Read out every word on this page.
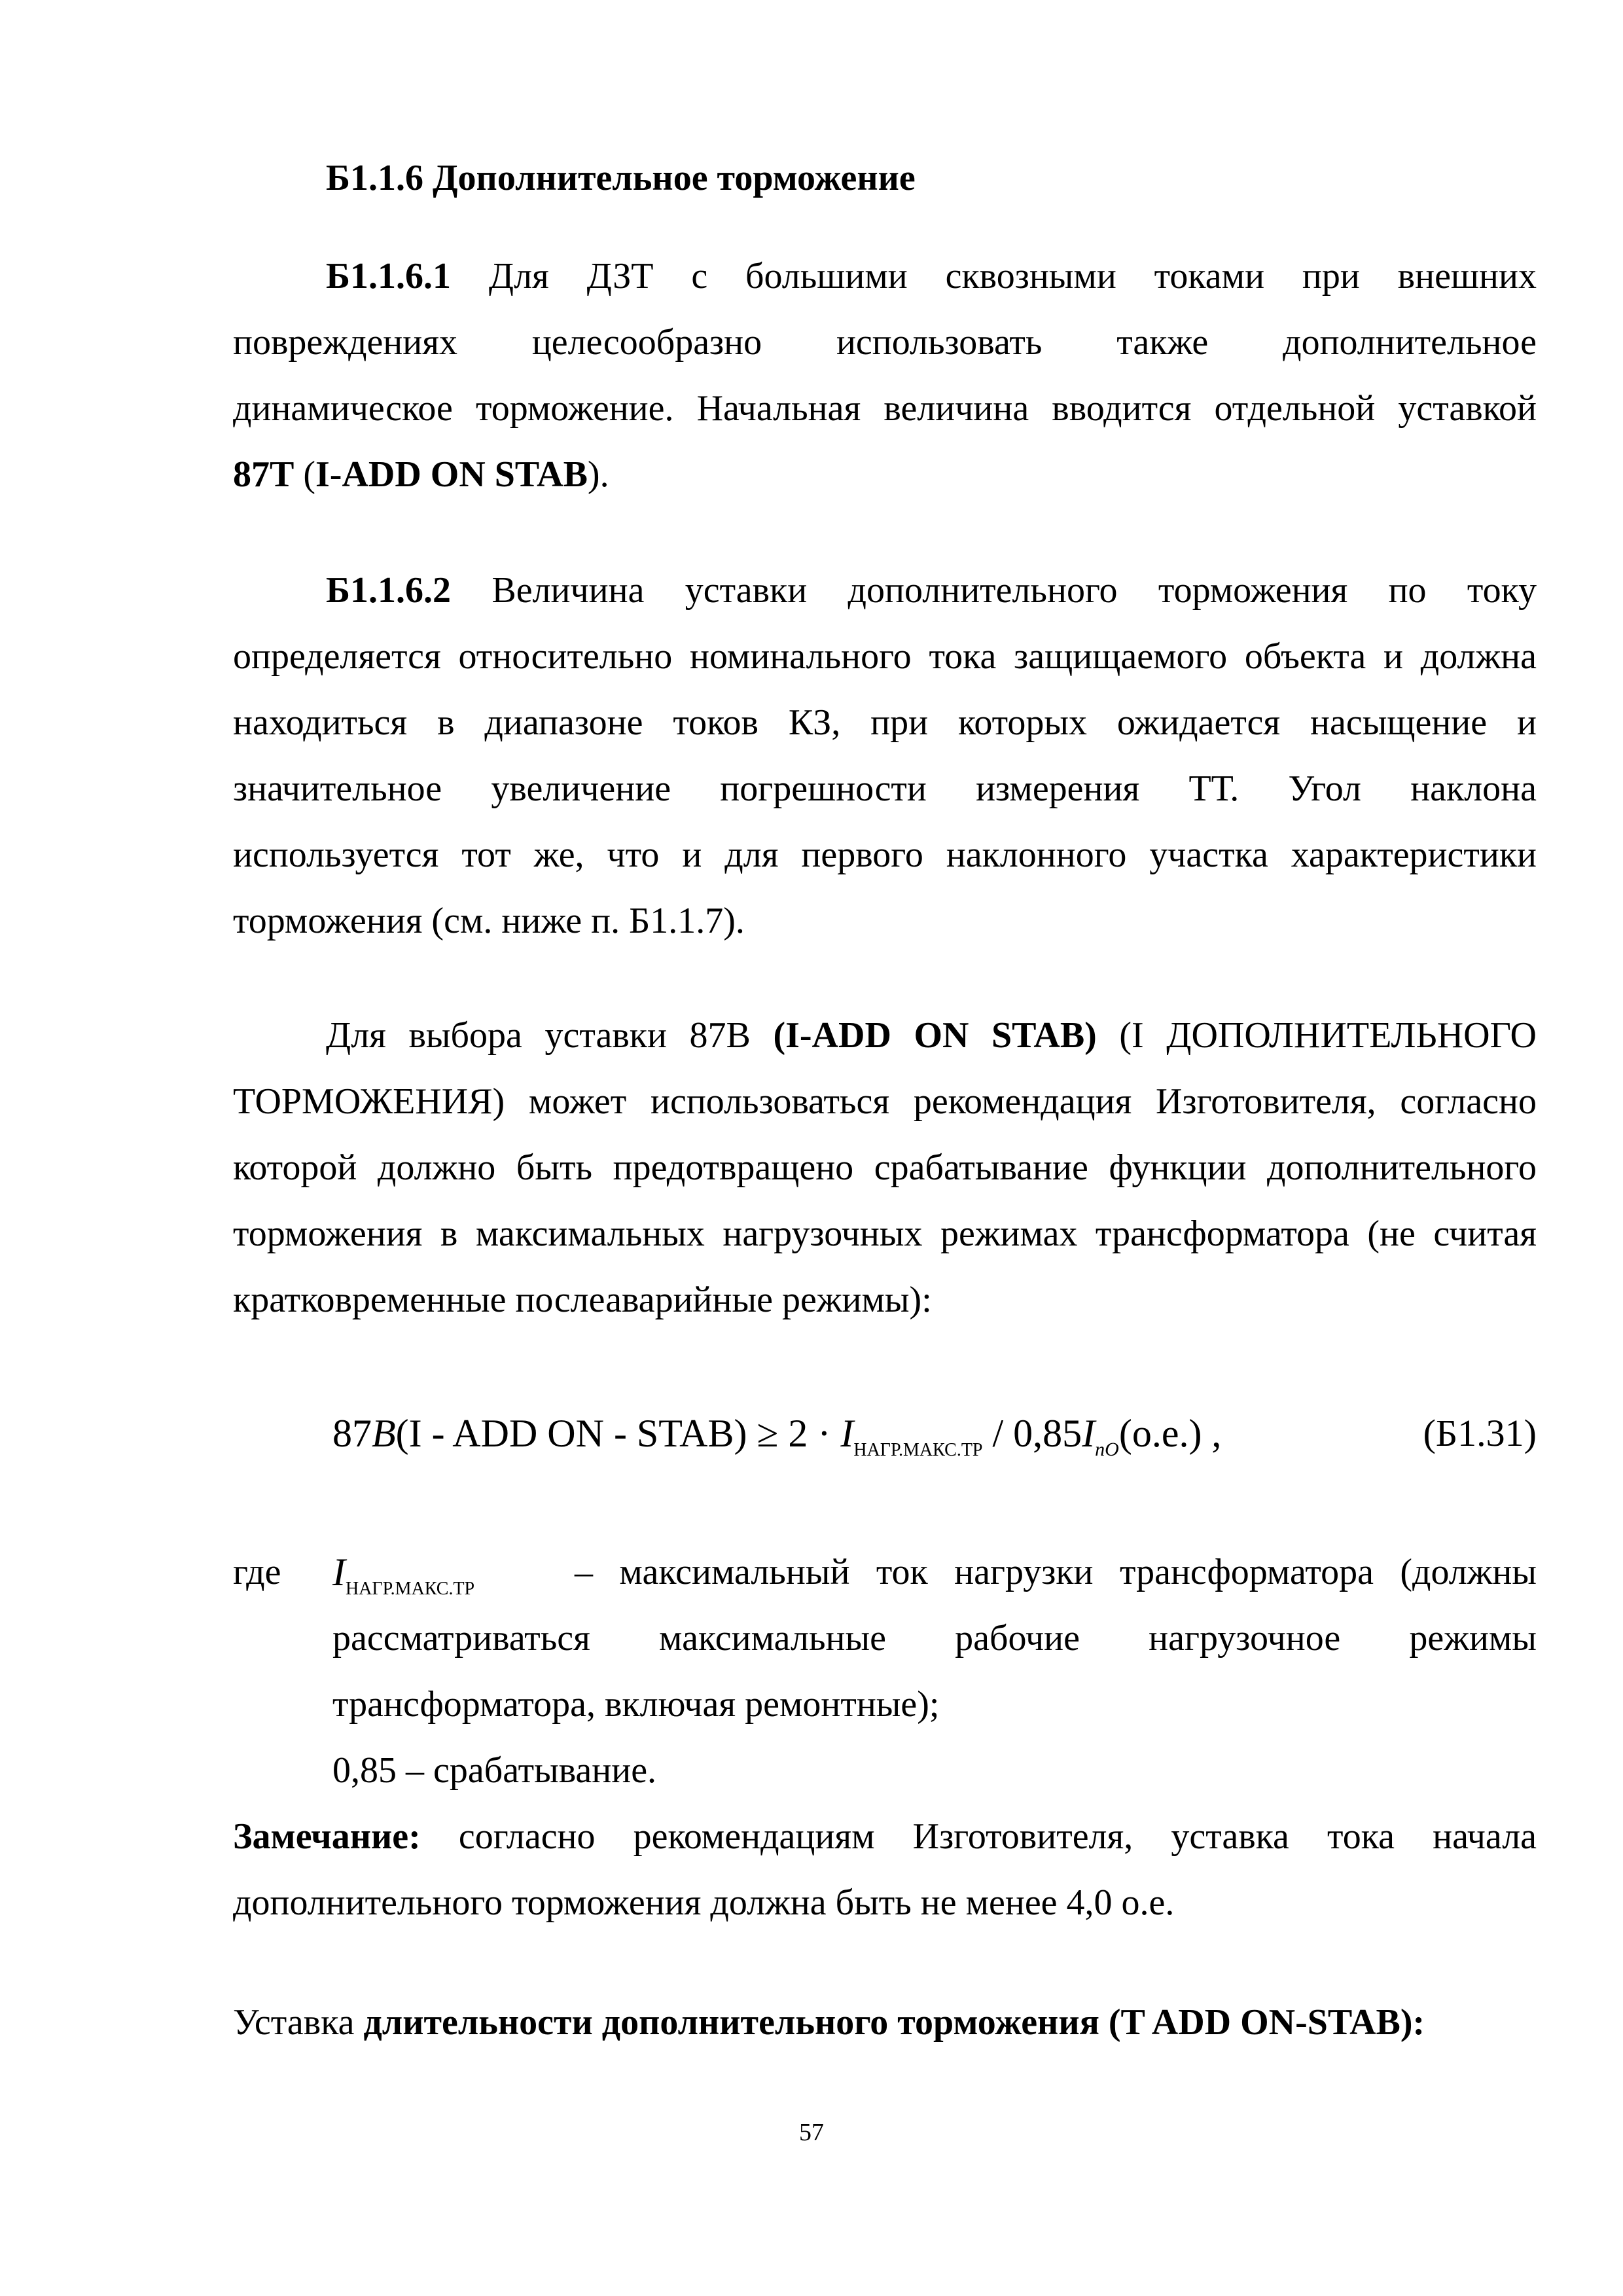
Б1.1.6 Дополнительное торможение
Б1.1.6.1 Для ДЗТ с большими сквозными токами при внешних
повреждениях целесообразно использовать также дополнительное
динамическое торможение. Начальная величина вводится отдельной уставкой
87Т (I-ADD ON STAB).
Б1.1.6.2 Величина уставки дополнительного торможения по току
определяется относительно номинального тока защищаемого объекта и должна
находиться в диапазоне токов КЗ, при которых ожидается насыщение и
значительное увеличение погрешности измерения ТТ. Угол наклона
используется тот же, что и для первого наклонного участка характеристики
торможения (см. ниже п. Б1.1.7).
Для выбора уставки 87В (I-ADD ON STAB) (I ДОПОЛНИТЕЛЬНОГО
ТОРМОЖЕНИЯ) может использоваться рекомендация Изготовителя, согласно
которой должно быть предотвращено срабатывание функции дополнительного
торможения в максимальных нагрузочных режимах трансформатора (не считая
кратковременные послеаварийные режимы):
87B(I - ADD ON - STAB) ≥ $2 \cdot I_{НАГР.МАКС.ТР} / 0,85I_{пО}(о.е.)$ ,	(Б1.31)
где $I_{НАГР.МАКС.ТР}$	– максимальный ток нагрузки трансформатора (должны
рассматриваться максимальные рабочие нагрузочное режимы
трансформатора, включая ремонтные);
0,85 – срабатывание.
Замечание: согласно рекомендациям Изготовителя, уставка тока начала
дополнительного торможения должна быть не менее 4,0 о.е.
Уставка длительности дополнительного торможения (T ADD ON-STAB):
57
